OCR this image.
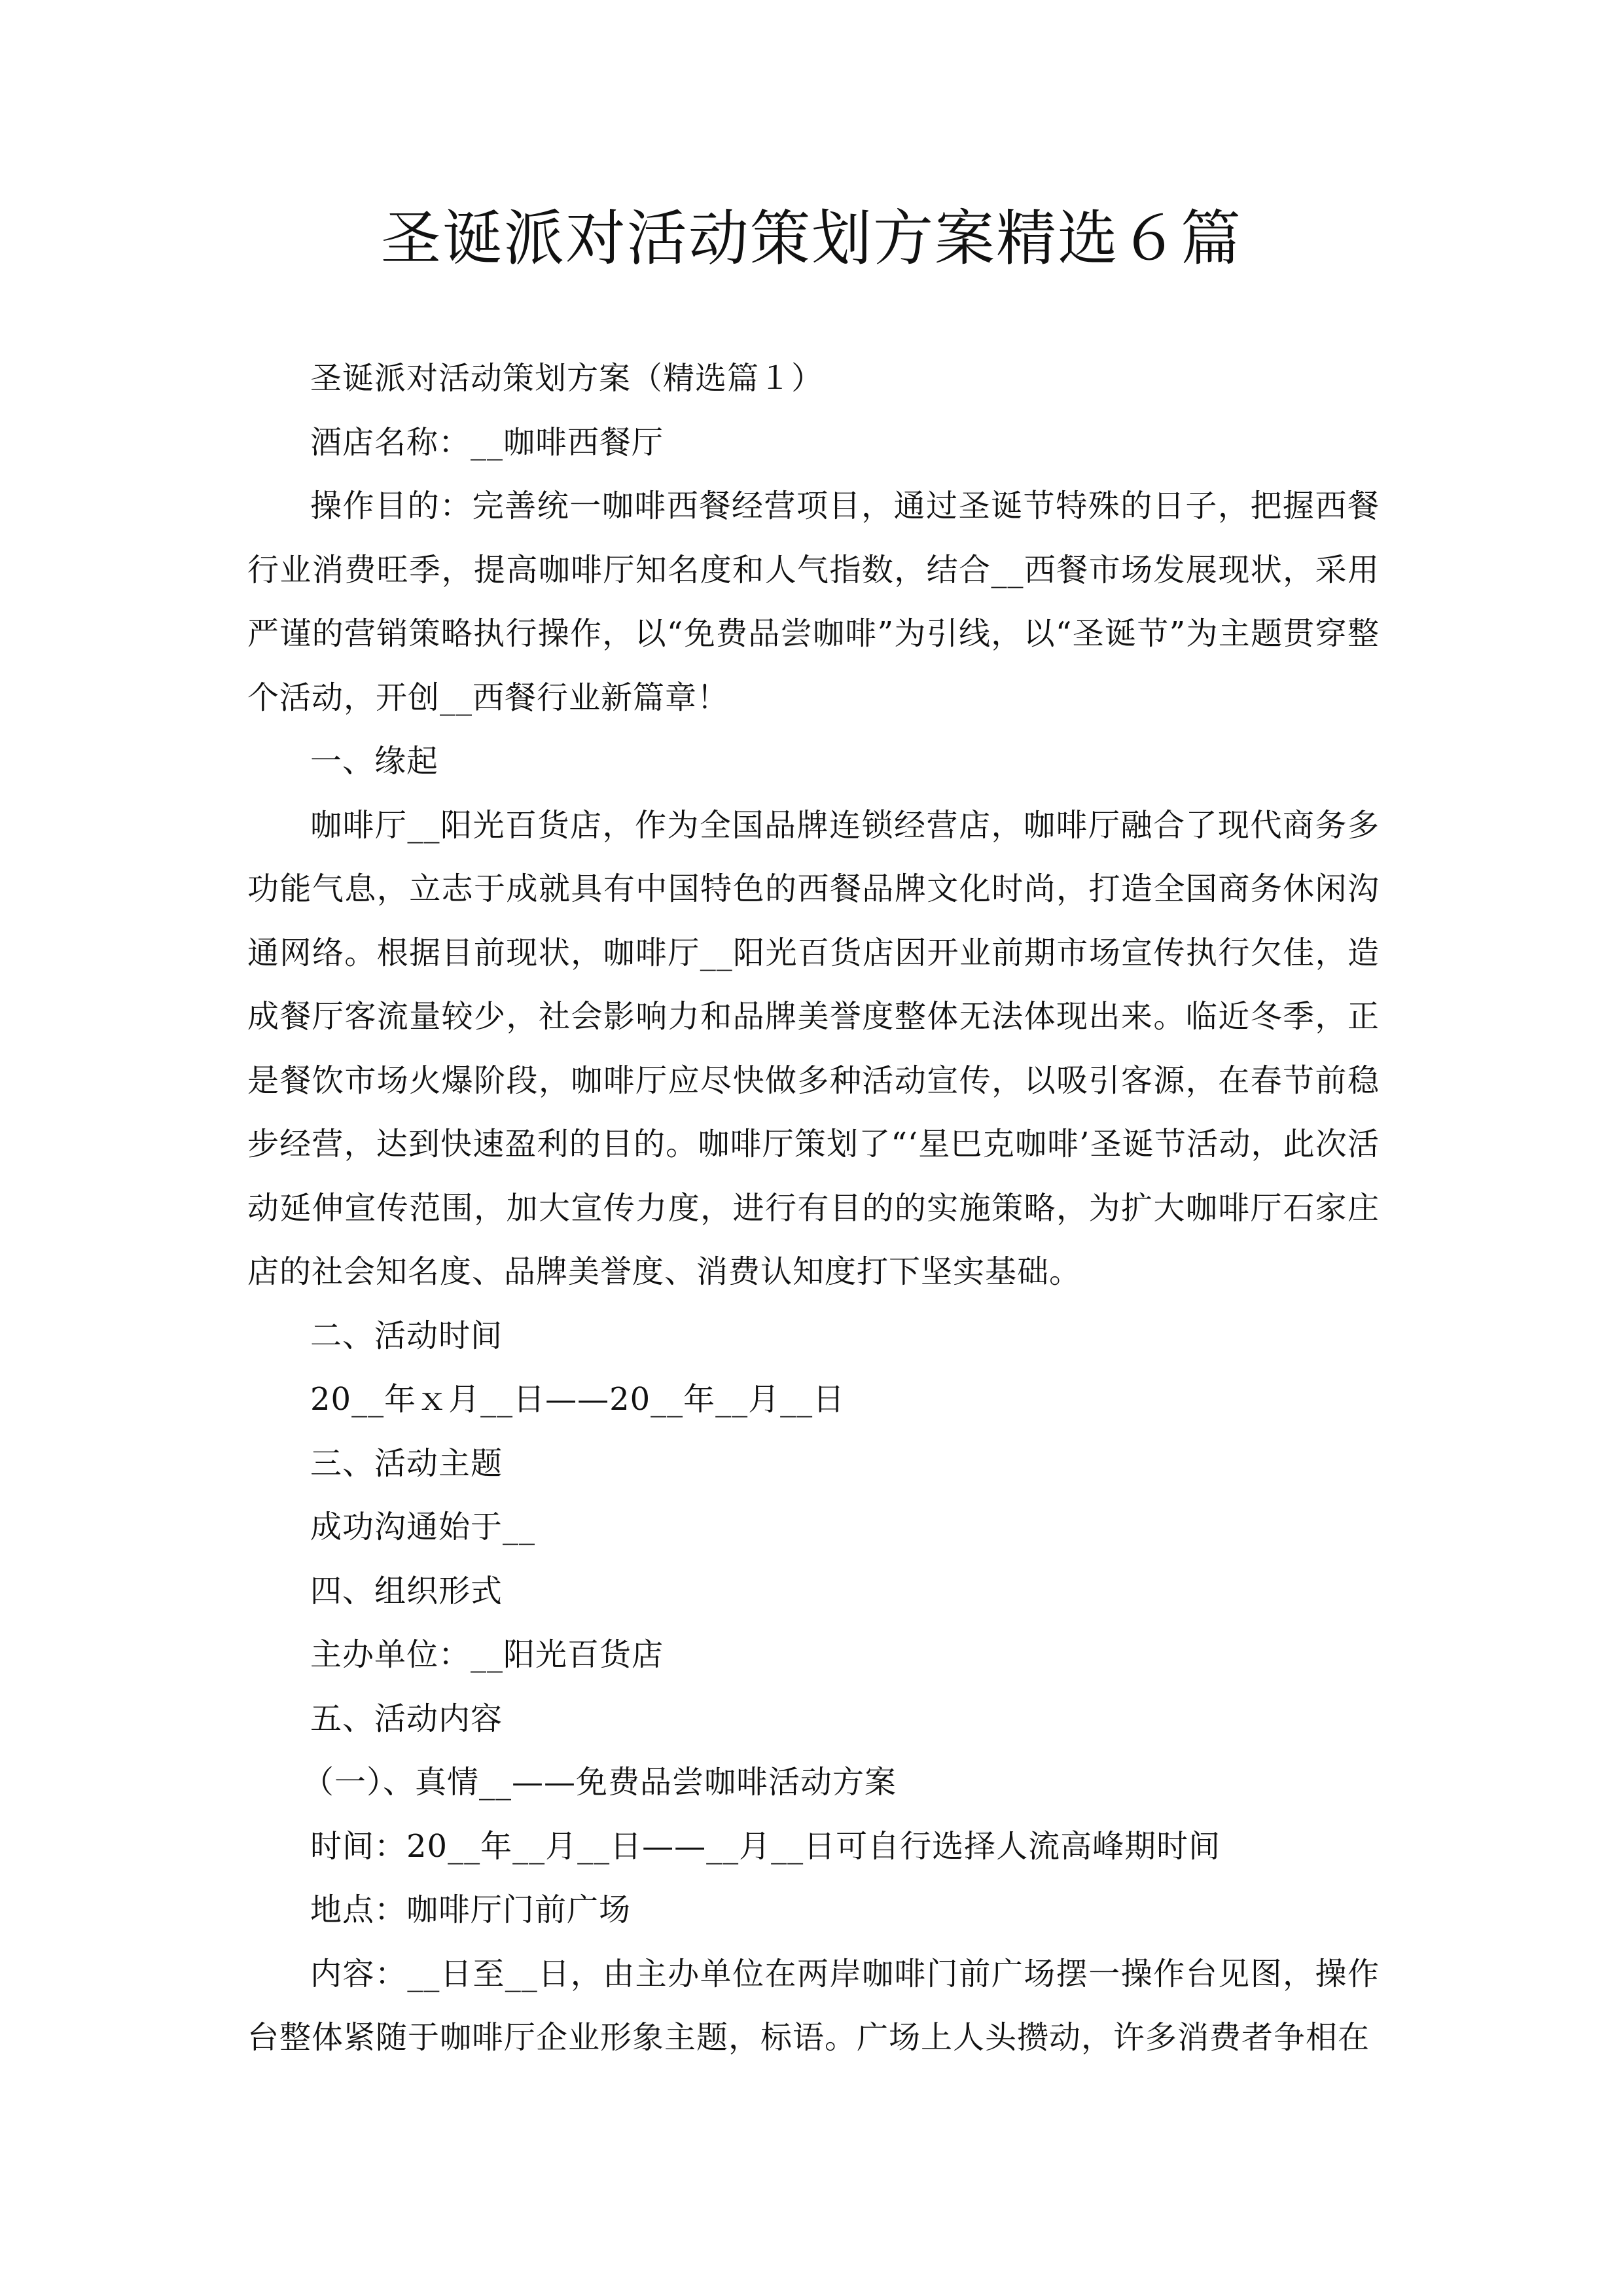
圣诞派对活动策划方案精选６篇

圣诞派对活动策划方案（精选篇１）

酒店名称：__咖啡西餐厅

操作目的：完善统一咖啡西餐经营项目，通过圣诞节特殊的日子，把握西餐行业消费旺季，提高咖啡厅知名度和人气指数，结合__西餐市场发展现状，采用严谨的营销策略执行操作，以“免费品尝咖啡”为引线，以“圣诞节”为主题贯穿整个活动，开创__西餐行业新篇章！

一、缘起

咖啡厅__阳光百货店，作为全国品牌连锁经营店，咖啡厅融合了现代商务多功能气息，立志于成就具有中国特色的西餐品牌文化时尚，打造全国商务休闲沟通网络。根据目前现状，咖啡厅__阳光百货店因开业前期市场宣传执行欠佳，造成餐厅客流量较少，社会影响力和品牌美誉度整体无法体现出来。临近冬季，正是餐饮市场火爆阶段，咖啡厅应尽快做多种活动宣传，以吸引客源，在春节前稳步经营，达到快速盈利的目的。咖啡厅策划了“‘星巴克咖啡’圣诞节活动，此次活动延伸宣传范围，加大宣传力度，进行有目的的实施策略，为扩大咖啡厅石家庄店的社会知名度、品牌美誉度、消费认知度打下坚实基础。

二、活动时间

20__年ｘ月__日——20__年__月__日

三、活动主题

成功沟通始于__

四、组织形式

主办单位：__阳光百货店

五、活动内容

（一）、真情__——免费品尝咖啡活动方案

时间：20__年__月__日——__月__日可自行选择人流高峰期时间

地点：咖啡厅门前广场

内容：__日至__日，由主办单位在两岸咖啡门前广场摆一操作台见图，操作台整体紧随于咖啡厅企业形象主题，标语。广场上人头攒动，许多消费者争相在
